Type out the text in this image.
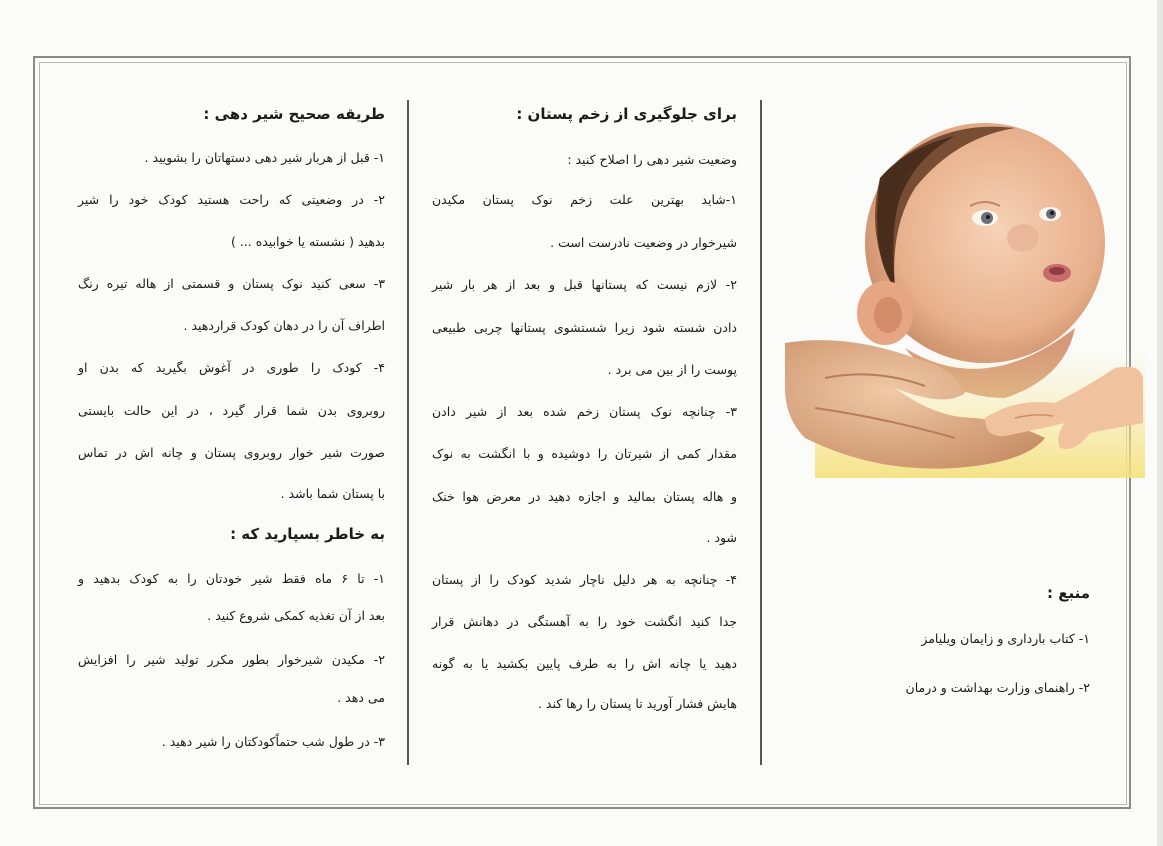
طریقه صحیح شیر دهی :
۱- قبل از هربار شیر دهی دستهاتان را بشویید .
۲- در وضعیتی که راحت هستید کودک خود را شیر
بدهید ( نشسته یا خوابیده ... )
۳- سعی کنید نوک پستان و قسمتی از هاله تیره رنگ
اطراف آن را در دهان کودک قراردهید .
۴- کودک را طوری در آغوش بگیرید که بدن او
روبروی بدن شما قرار گیرد ، در این حالت بایستی
صورت شیر خوار روبروی پستان و چانه اش در تماس
با پستان شما باشد .
به خاطر بسپارید که :
۱- تا ۶ ماه فقط شیر خودتان را به کودک بدهید و
بعد از آن تغذیه کمکی شروع کنید .
۲- مکیدن شیرخوار بطور مکرر تولید شیر را افزایش
می دهد .
۳- در طول شب حتماًکودکتان را شیر دهید .
برای جلوگیری از زخم پستان :
وضعیت شیر دهی را اصلاح کنید :
۱-شاید بهترین علت زخم نوک پستان مکیدن
شیرخوار در وضعیت نادرست است .
۲- لازم نیست که پستانها قبل و بعد از هر بار شیر
دادن شسته شود زیرا شستشوی پستانها چربی طبیعی
پوست را از بین می برد .
۳- چنانچه نوک پستان زخم شده بعد از شیر دادن
مقدار کمی از شیرتان را دوشیده و با انگشت به نوک
و هاله پستان بمالید و اجازه دهید در معرض هوا خنک
شود .
۴- چنانچه به هر دلیل ناچار شدید کودک را از پستان
جدا کنید انگشت خود را به آهستگی در دهانش قرار
دهید یا چانه اش را به طرف پایین بکشید یا به گونه
هایش فشار آورید تا پستان را رها کند .
منبع :
۱- کتاب بارداری و زایمان ویلیامز
۲- راهنمای وزارت بهداشت و درمان
